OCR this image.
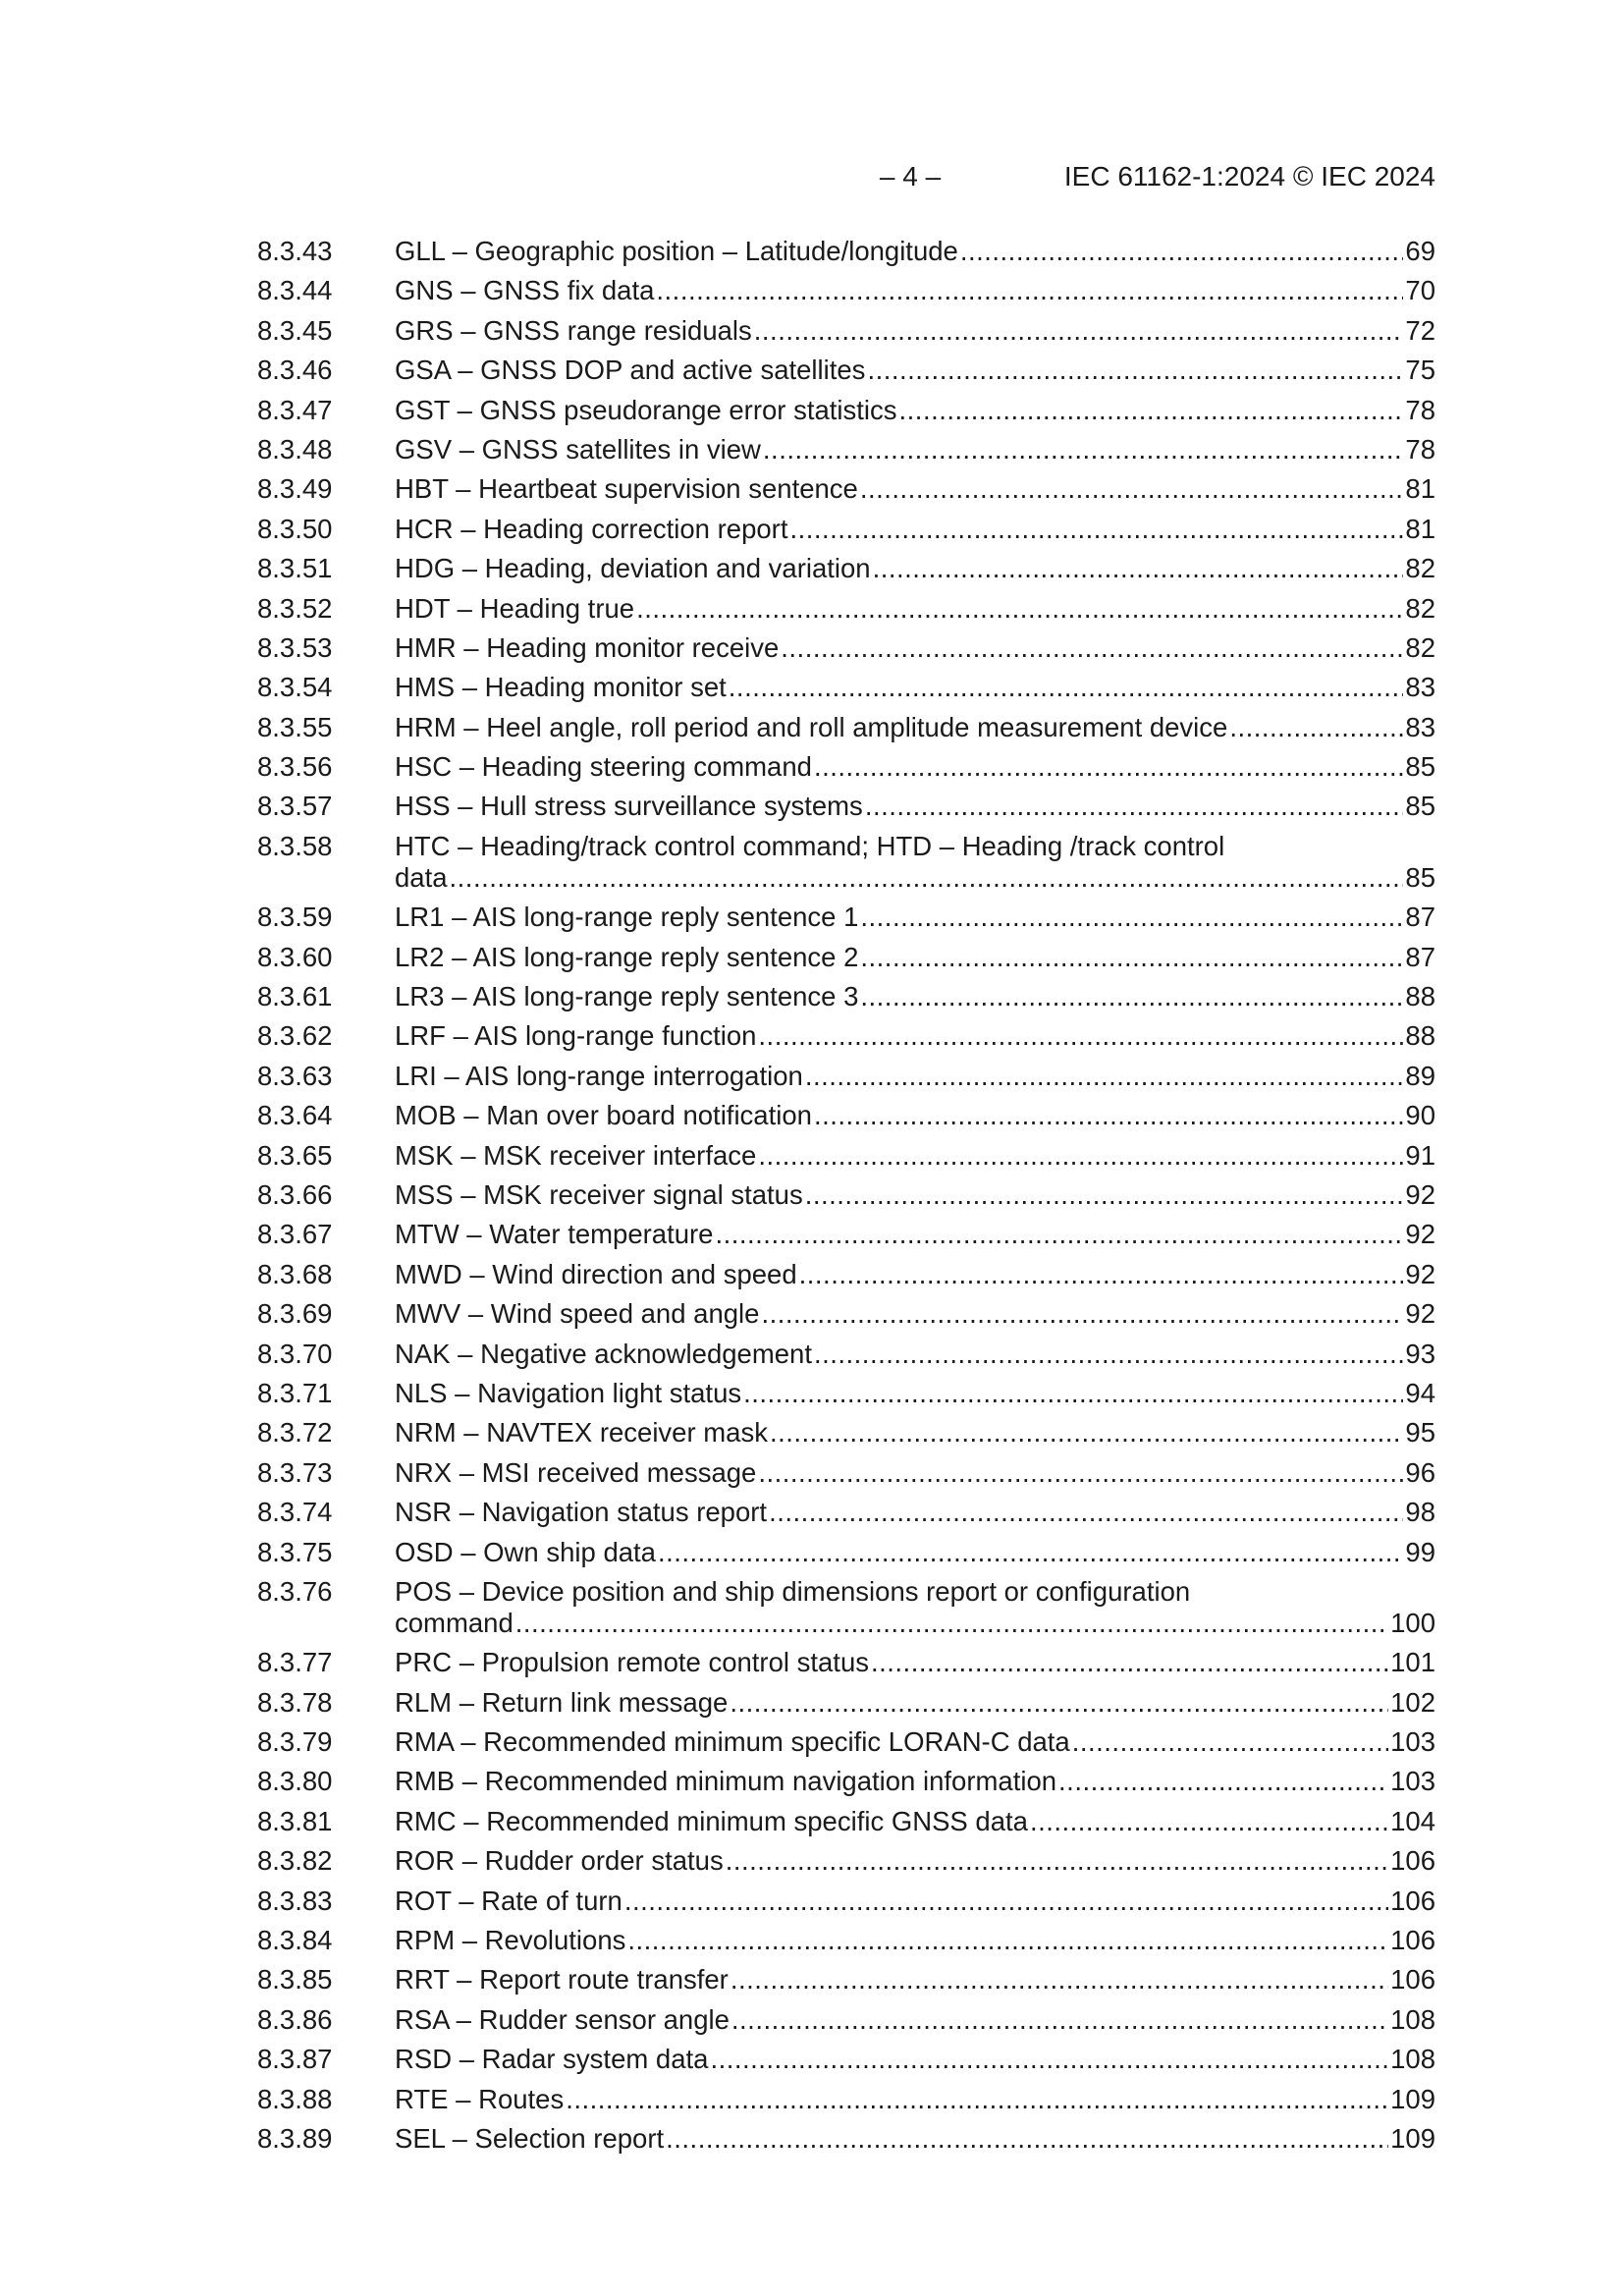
– 4 –	IEC 61162-1:2024 © IEC 2024
8.3.43	GLL – Geographic position – Latitude/longitude .....	69
8.3.44	GNS – GNSS fix data .....	70
8.3.45	GRS – GNSS range residuals .....	72
8.3.46	GSA – GNSS DOP and active satellites .....	75
8.3.47	GST – GNSS pseudorange error statistics .....	78
8.3.48	GSV – GNSS satellites in view .....	78
8.3.49	HBT – Heartbeat supervision sentence .....	81
8.3.50	HCR – Heading correction report .....	81
8.3.51	HDG – Heading, deviation and variation .....	82
8.3.52	HDT – Heading true .....	82
8.3.53	HMR – Heading monitor receive .....	82
8.3.54	HMS – Heading monitor set .....	83
8.3.55	HRM – Heel angle, roll period and roll amplitude measurement device .....	83
8.3.56	HSC – Heading steering command .....	85
8.3.57	HSS – Hull stress surveillance systems .....	85
8.3.58	HTC – Heading/track control command; HTD – Heading /track control
data .....	85
8.3.59	LR1 – AIS long-range reply sentence 1 .....	87
8.3.60	LR2 – AIS long-range reply sentence 2 .....	87
8.3.61	LR3 – AIS long-range reply sentence 3 .....	88
8.3.62	LRF – AIS long-range function .....	88
8.3.63	LRI – AIS long-range interrogation .....	89
8.3.64	MOB – Man over board notification .....	90
8.3.65	MSK – MSK receiver interface .....	91
8.3.66	MSS – MSK receiver signal status .....	92
8.3.67	MTW – Water temperature .....	92
8.3.68	MWD – Wind direction and speed .....	92
8.3.69	MWV – Wind speed and angle .....	92
8.3.70	NAK – Negative acknowledgement .....	93
8.3.71	NLS – Navigation light status .....	94
8.3.72	NRM – NAVTEX receiver mask .....	95
8.3.73	NRX – MSI received message .....	96
8.3.74	NSR – Navigation status report .....	98
8.3.75	OSD – Own ship data .....	99
8.3.76	POS – Device position and ship dimensions report or configuration
command .....	100
8.3.77	PRC – Propulsion remote control status .....	101
8.3.78	RLM – Return link message .....	102
8.3.79	RMA – Recommended minimum specific LORAN-C data .....	103
8.3.80	RMB – Recommended minimum navigation information .....	103
8.3.81	RMC – Recommended minimum specific GNSS data .....	104
8.3.82	ROR – Rudder order status .....	106
8.3.83	ROT – Rate of turn .....	106
8.3.84	RPM – Revolutions .....	106
8.3.85	RRT – Report route transfer .....	106
8.3.86	RSA – Rudder sensor angle .....	108
8.3.87	RSD – Radar system data .....	108
8.3.88	RTE – Routes .....	109
8.3.89	SEL – Selection report .....	109
